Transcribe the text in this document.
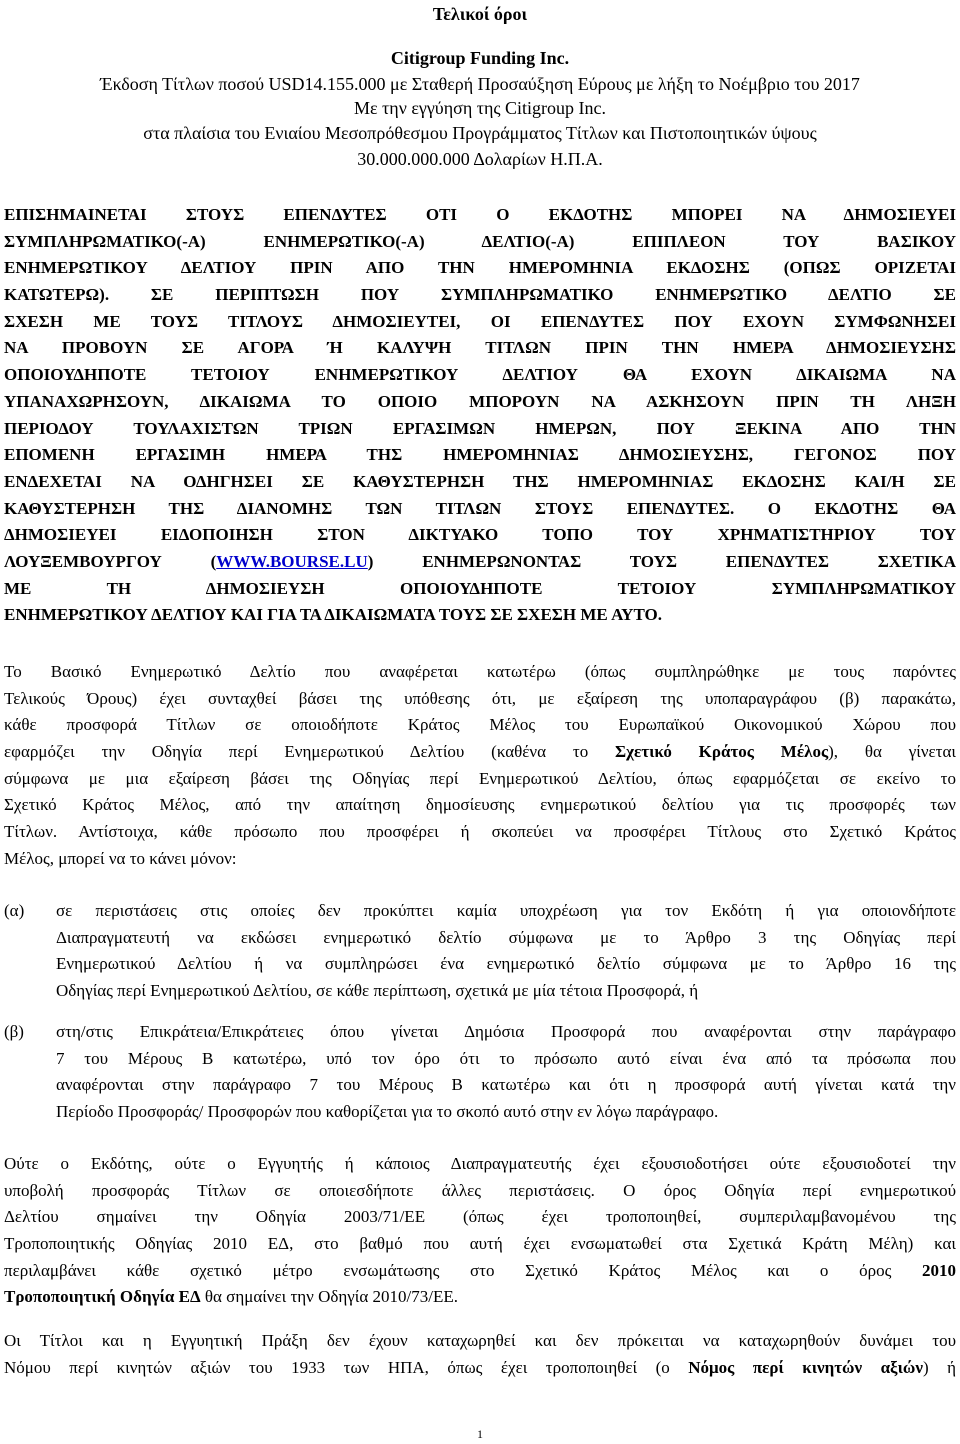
Τελικοί όροι
Citigroup Funding Inc.
Έκδοση Τίτλων ποσού USD14.155.000 με Σταθερή Προσαύξηση Εύρους με λήξη το Νοέμβριο του 2017
Με την εγγύηση της Citigroup Inc.
στα πλαίσια του Ενιαίου Μεσοπρόθεσμου Προγράμματος Τίτλων και Πιστοποιητικών ύψους
30.000.000.000 Δολαρίων Η.Π.Α.
ΕΠΙΣΗΜΑΙΝΕΤΑΙ ΣΤΟΥΣ ΕΠΕΝΔΥΤΕΣ ΟΤΙ Ο ΕΚΔΟΤΗΣ ΜΠΟΡΕΙ ΝΑ ΔΗΜΟΣΙΕΥΕΙ
ΣΥΜΠΛΗΡΩΜΑΤΙΚΟ(-Α) ΕΝΗΜΕΡΩΤΙΚΟ(-Α) ΔΕΛΤΙΟ(-Α) ΕΠΙΠΛΕΟΝ ΤΟΥ ΒΑΣΙΚΟΥ
ΕΝΗΜΕΡΩΤΙΚΟΥ ΔΕΛΤΙΟΥ ΠΡΙΝ ΑΠΟ ΤΗΝ ΗΜΕΡΟΜΗΝΙΑ ΕΚΔΟΣΗΣ (ΟΠΩΣ ΟΡΙΖΕΤΑΙ
ΚΑΤΩΤΕΡΩ). ΣΕ ΠΕΡΙΠΤΩΣΗ ΠΟΥ ΣΥΜΠΛΗΡΩΜΑΤΙΚΟ ΕΝΗΜΕΡΩΤΙΚΟ ΔΕΛΤΙΟ ΣΕ
ΣΧΕΣΗ ΜΕ ΤΟΥΣ ΤΙΤΛΟΥΣ ΔΗΜΟΣΙΕΥΤΕΙ, ΟΙ ΕΠΕΝΔΥΤΕΣ ΠΟΥ ΕΧΟΥΝ ΣΥΜΦΩΝΗΣΕΙ
ΝΑ ΠΡΟΒΟΥΝ ΣΕ ΑΓΟΡΑ Ή ΚΑΛΥΨΗ ΤΙΤΛΩΝ ΠΡΙΝ ΤΗΝ ΗΜΕΡΑ ΔΗΜΟΣΙΕΥΣΗΣ
ΟΠΟΙΟΥΔΗΠΟΤΕ ΤΕΤΟΙΟΥ ΕΝΗΜΕΡΩΤΙΚΟΥ ΔΕΛΤΙΟΥ ΘΑ ΕΧΟΥΝ ΔΙΚΑΙΩΜΑ ΝΑ
ΥΠΑΝΑΧΩΡΗΣΟΥΝ, ΔΙΚΑΙΩΜΑ ΤΟ ΟΠΟΙΟ ΜΠΟΡΟΥΝ ΝΑ ΑΣΚΗΣΟΥΝ ΠΡΙΝ ΤΗ ΛΗΞΗ
ΠΕΡΙΟΔΟΥ ΤΟΥΛΑΧΙΣΤΩΝ ΤΡΙΩΝ ΕΡΓΑΣΙΜΩΝ ΗΜΕΡΩΝ, ΠΟΥ ΞΕΚΙΝΑ ΑΠΟ ΤΗΝ
ΕΠΟΜΕΝΗ ΕΡΓΑΣΙΜΗ ΗΜΕΡΑ ΤΗΣ ΗΜΕΡΟΜΗΝΙΑΣ ΔΗΜΟΣΙΕΥΣΗΣ, ΓΕΓΟΝΟΣ ΠΟΥ
ΕΝΔΕΧΕΤΑΙ ΝΑ ΟΔΗΓΗΣΕΙ ΣΕ ΚΑΘΥΣΤΕΡΗΣΗ ΤΗΣ ΗΜΕΡΟΜΗΝΙΑΣ ΕΚΔΟΣΗΣ ΚΑΙ/Η ΣΕ
ΚΑΘΥΣΤΕΡΗΣΗ ΤΗΣ ΔΙΑΝΟΜΗΣ ΤΩΝ ΤΙΤΛΩΝ ΣΤΟΥΣ ΕΠΕΝΔΥΤΕΣ. Ο ΕΚΔΟΤΗΣ ΘΑ
ΔΗΜΟΣΙΕΥΕΙ ΕΙΔΟΠΟΙΗΣΗ ΣΤΟΝ ΔΙΚΤΥΑΚΟ ΤΟΠΟ ΤΟΥ ΧΡΗΜΑΤΙΣΤΗΡΙΟΥ ΤΟΥ
ΛΟΥΞΕΜΒΟΥΡΓΟΥ (WWW.BOURSE.LU) ΕΝΗΜΕΡΩΝΟΝΤΑΣ ΤΟΥΣ ΕΠΕΝΔΥΤΕΣ ΣΧΕΤΙΚΑ
ΜΕ ΤΗ ΔΗΜΟΣΙΕΥΣΗ ΟΠΟΙΟΥΔΗΠΟΤΕ ΤΕΤΟΙΟΥ ΣΥΜΠΛΗΡΩΜΑΤΙΚΟΥ
ΕΝΗΜΕΡΩΤΙΚΟΥ ΔΕΛΤΙΟΥ ΚΑΙ ΓΙΑ ΤΑ ΔΙΚΑΙΩΜΑΤΑ ΤΟΥΣ ΣΕ ΣΧΕΣΗ ΜΕ ΑΥΤΟ.
Το Βασικό Ενημερωτικό Δελτίο που αναφέρεται κατωτέρω (όπως συμπληρώθηκε με τους παρόντες
Τελικούς Όρους) έχει συνταχθεί βάσει της υπόθεσης ότι, με εξαίρεση της υποπαραγράφου (β) παρακάτω,
κάθε προσφορά Τίτλων σε οποιοδήποτε Κράτος Μέλος του Ευρωπαϊκού Οικονομικού Χώρου που
εφαρμόζει την Οδηγία περί Ενημερωτικού Δελτίου (καθένα το Σχετικό Κράτος Μέλος), θα γίνεται
σύμφωνα με μια εξαίρεση βάσει της Οδηγίας περί Ενημερωτικού Δελτίου, όπως εφαρμόζεται σε εκείνο το
Σχετικό Κράτος Μέλος, από την απαίτηση δημοσίευσης ενημερωτικού δελτίου για τις προσφορές των
Τίτλων. Αντίστοιχα, κάθε πρόσωπο που προσφέρει ή σκοπεύει να προσφέρει Τίτλους στο Σχετικό Κράτος
Μέλος, μπορεί να το κάνει μόνον:
(α) σε περιστάσεις στις οποίες δεν προκύπτει καμία υποχρέωση για τον Εκδότη ή για οποιονδήποτε
Διαπραγματευτή να εκδώσει ενημερωτικό δελτίο σύμφωνα με το Άρθρο 3 της Οδηγίας περί
Ενημερωτικού Δελτίου ή να συμπληρώσει ένα ενημερωτικό δελτίο σύμφωνα με το Άρθρο 16 της
Οδηγίας περί Ενημερωτικού Δελτίου, σε κάθε περίπτωση, σχετικά με μία τέτοια Προσφορά, ή
(β) στη/στις Επικράτεια/Επικράτειες όπου γίνεται Δημόσια Προσφορά που αναφέρονται στην παράγραφο
7 του Μέρους Β κατωτέρω, υπό τον όρο ότι το πρόσωπο αυτό είναι ένα από τα πρόσωπα που
αναφέρονται στην παράγραφο 7 του Μέρους Β κατωτέρω και ότι η προσφορά αυτή γίνεται κατά την
Περίοδο Προσφοράς/ Προσφορών που καθορίζεται για το σκοπό αυτό στην εν λόγω παράγραφο.
Ούτε ο Εκδότης, ούτε ο Εγγυητής ή κάποιος Διαπραγματευτής έχει εξουσιοδοτήσει ούτε εξουσιοδοτεί την
υποβολή προσφοράς Τίτλων σε οποιεσδήποτε άλλες περιστάσεις. Ο όρος Οδηγία περί ενημερωτικού
Δελτίου σημαίνει την Οδηγία 2003/71/ΕΕ (όπως έχει τροποποιηθεί, συμπεριλαμβανομένου της
Τροποποιητικής Οδηγίας 2010 ΕΔ, στο βαθμό που αυτή έχει ενσωματωθεί στα Σχετικά Κράτη Μέλη) και
περιλαμβάνει κάθε σχετικό μέτρο ενσωμάτωσης στο Σχετικό Κράτος Μέλος και ο όρος 2010
Τροποποιητική Οδηγία ΕΔ θα σημαίνει την Οδηγία 2010/73/ΕΕ.
Οι Τίτλοι και η Εγγυητική Πράξη δεν έχουν καταχωρηθεί και δεν πρόκειται να καταχωρηθούν δυνάμει του
Νόμου περί κινητών αξιών του 1933 των ΗΠΑ, όπως έχει τροποποιηθεί (ο Νόμος περί κινητών αξιών) ή
1
